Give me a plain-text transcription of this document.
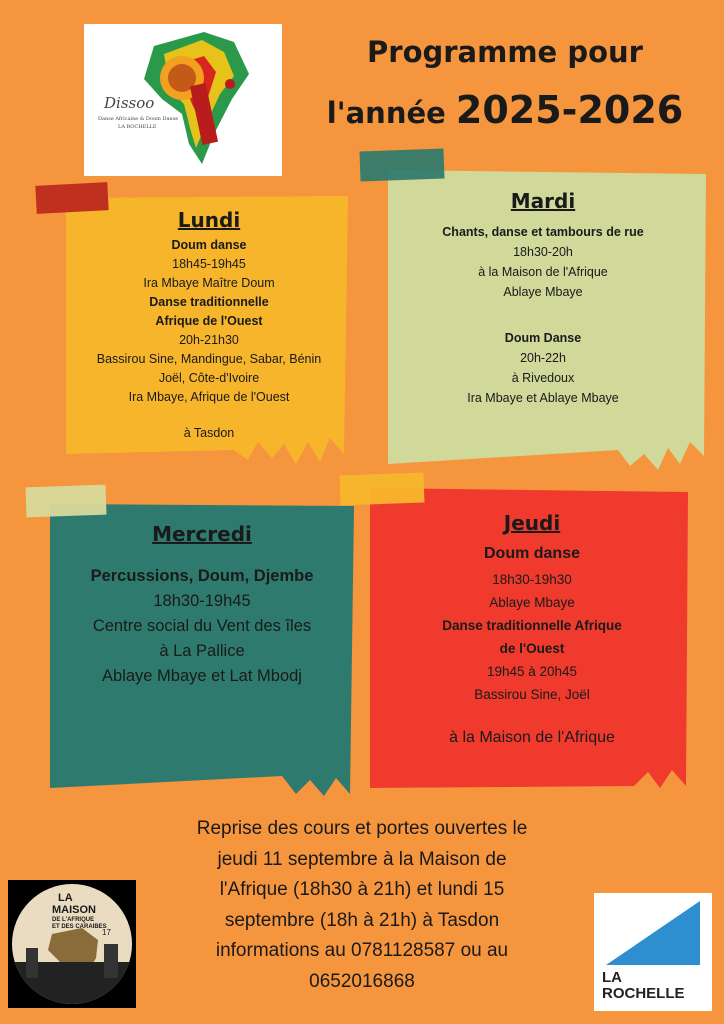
Dissoo
Danse Africaine & Doum Danse
LA ROCHELLE
Programme pour
l'année 2025-2026
Lundi
Doum danse
18h45-19h45
Ira Mbaye Maître Doum
Danse traditionnelle
Afrique de l'Ouest
20h-21h30
Bassirou Sine, Mandingue, Sabar, Bénin
Joël, Côte-d'Ivoire
Ira Mbaye, Afrique de l'Ouest
à Tasdon
Mardi
Chants, danse et tambours de rue
18h30-20h
à la Maison de l'Afrique
Ablaye Mbaye
Doum Danse
20h-22h
à Rivedoux
Ira Mbaye et Ablaye Mbaye
Mercredi
Percussions, Doum, Djembe
18h30-19h45
Centre social du Vent des îles
à La Pallice
Ablaye Mbaye et Lat Mbodj
Jeudi
Doum danse
18h30-19h30
Ablaye Mbaye
Danse traditionnelle Afrique
de l'Ouest
19h45 à 20h45
Bassirou Sine, Joël
à la Maison de l'Afrique
Reprise des cours et portes ouvertes le
jeudi 11 septembre à la Maison de
l'Afrique (18h30 à 21h) et lundi 15
septembre (18h à 21h) à Tasdon
informations au 0781128587 ou au
0652016868
LA
MAISON
DE L'AFRIQUE
ET DES CARAIBES
17
LA
ROCHELLE
